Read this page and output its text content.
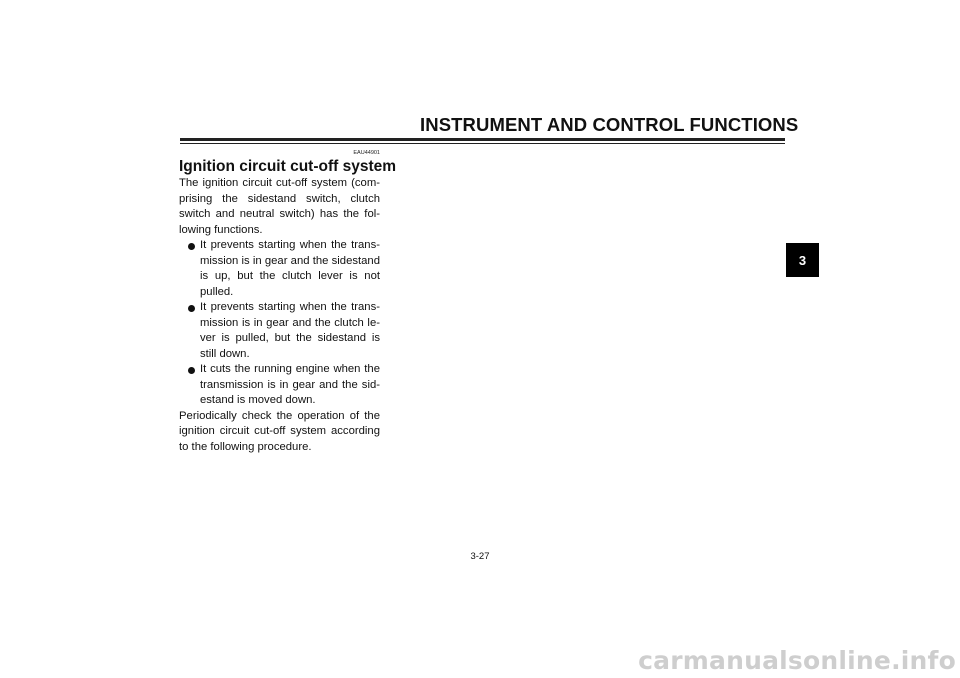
INSTRUMENT AND CONTROL FUNCTIONS
3
EAU44901
Ignition circuit cut-off system

The ignition circuit cut-off system (comprising the sidestand switch, clutch switch and neutral switch) has the following functions.

It prevents starting when the transmission is in gear and the sidestand is up, but the clutch lever is not pulled.
It prevents starting when the transmission is in gear and the clutch lever is pulled, but the sidestand is still down.
It cuts the running engine when the transmission is in gear and the sidestand is moved down.

Periodically check the operation of the ignition circuit cut-off system according to the following procedure.

3-27
carmanualsonline.info
